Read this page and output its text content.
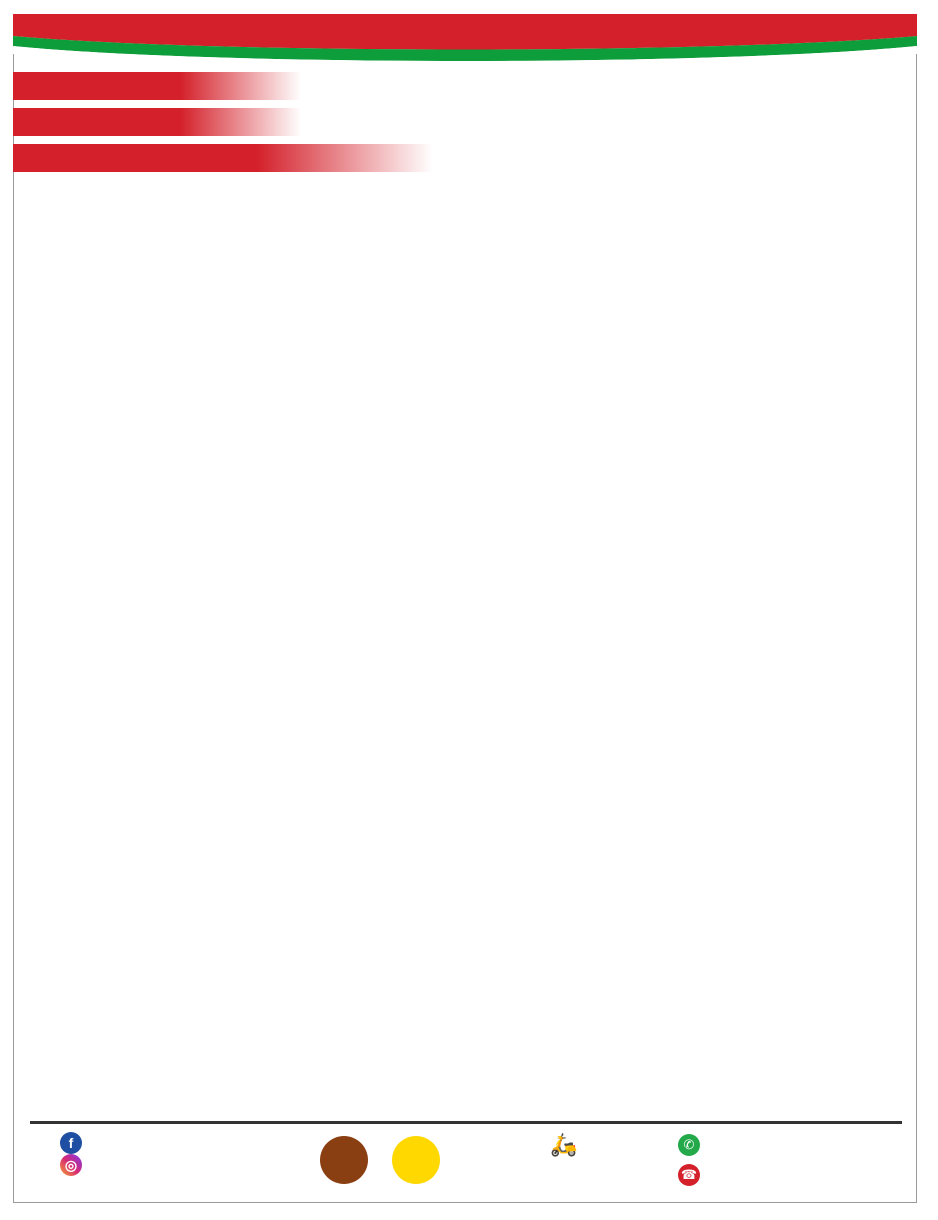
f
◎
🛵	✆
☎
